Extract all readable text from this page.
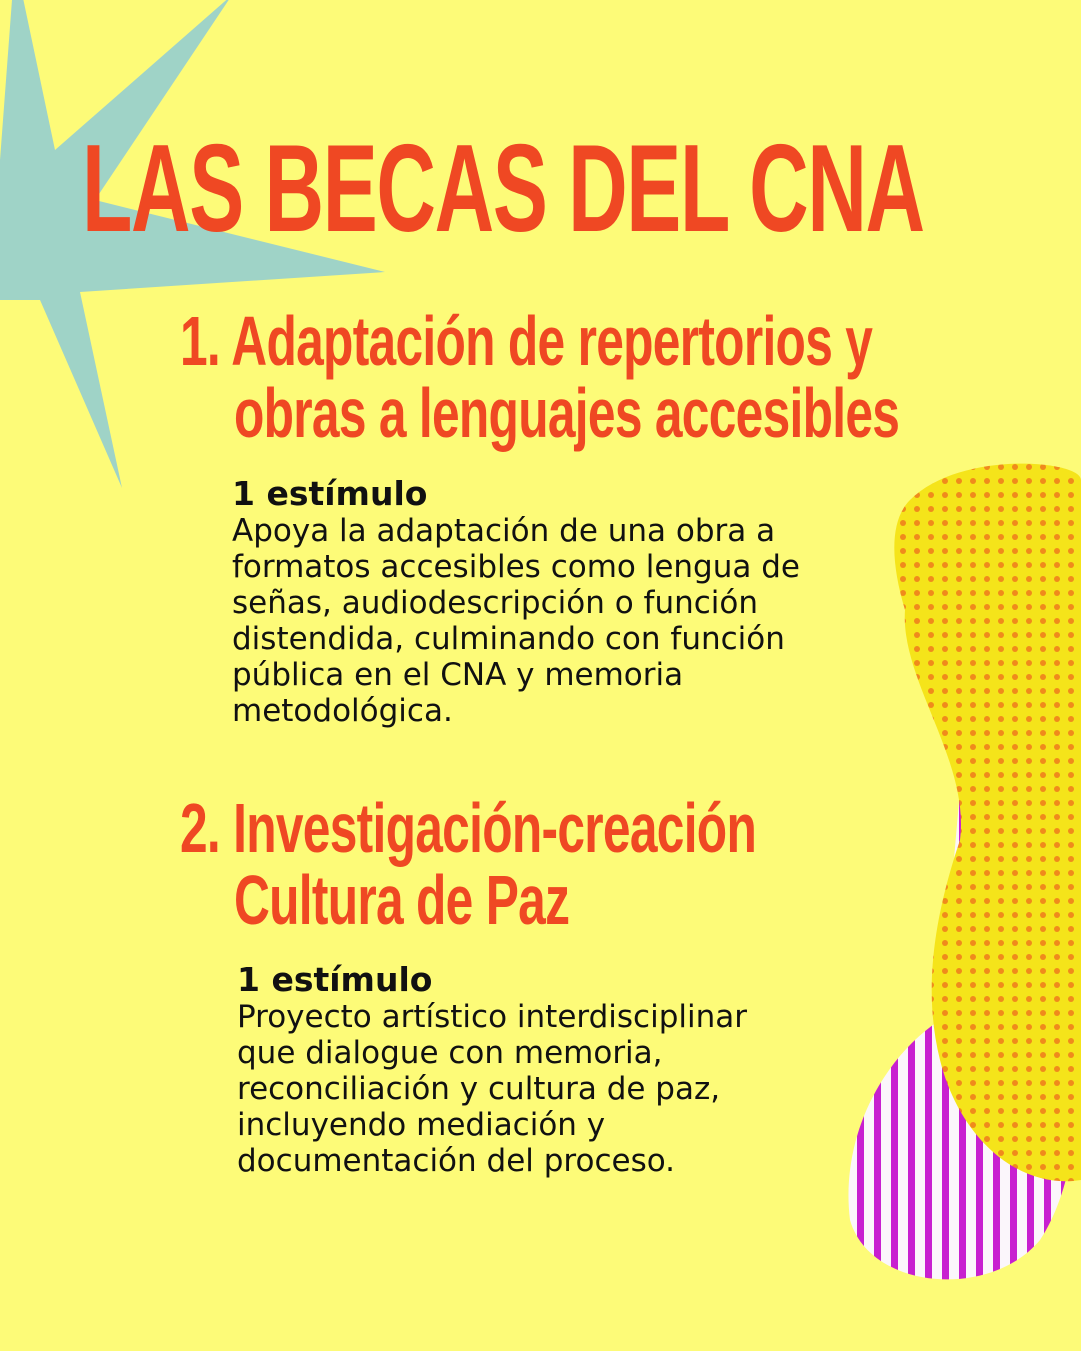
LAS BECAS DEL CNA
1. Adaptación de repertorios y
obras a lenguajes accesibles
1 estímulo
Apoya la adaptación de una obra a
formatos accesibles como lengua de
señas, audiodescripción o función
distendida, culminando con función
pública en el CNA y memoria
metodológica.
2. Investigación-creación
Cultura de Paz
1 estímulo
Proyecto artístico interdisciplinar
que dialogue con memoria,
reconciliación y cultura de paz,
incluyendo mediación y
documentación del proceso.
